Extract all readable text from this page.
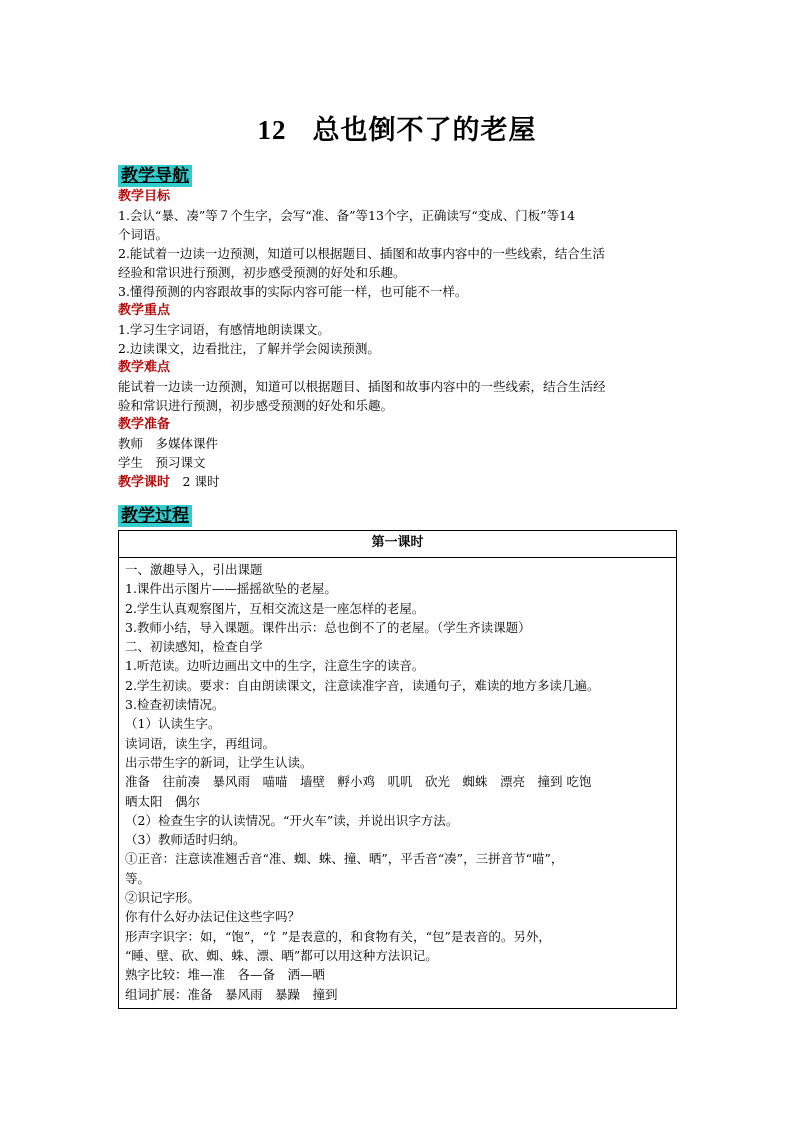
12 总也倒不了的老屋
教学导航
教学目标
1.会认“暴、凑”等７个生字，会写“准、备”等13个字，正确读写“变成、门板”等14
个词语。
2.能试着一边读一边预测，知道可以根据题目、插图和故事内容中的一些线索，结合生活
经验和常识进行预测，初步感受预测的好处和乐趣。
3.懂得预测的内容跟故事的实际内容可能一样，也可能不一样。
教学重点
1.学习生字词语，有感情地朗读课文。
2.边读课文，边看批注，了解并学会阅读预测。
教学难点
能试着一边读一边预测，知道可以根据题目、插图和故事内容中的一些线索，结合生活经
验和常识进行预测，初步感受预测的好处和乐趣。
教学准备
教师　多媒体课件
学生　预习课文
教学课时　 2 课时
教学过程
第一课时

一、激趣导入，引出课题
1.课件出示图片——摇摇欲坠的老屋。
2.学生认真观察图片，互相交流这是一座怎样的老屋。
3.教师小结，导入课题。课件出示：总也倒不了的老屋。（学生齐读课题）
二、初读感知，检查自学
1.听范读。边听边画出文中的生字，注意生字的读音。
2.学生初读。要求：自由朗读课文，注意读准字音，读通句子，难读的地方多读几遍。
3.检查初读情况。
（1）认读生字。
读词语，读生字，再组词。
出示带生字的新词，让学生认读。
准备　往前凑　暴风雨　喵喵　墙壁　孵小鸡　叽叽　砍光　蜘蛛　漂亮　撞到 吃饱
晒太阳　偶尔
（2）检查生字的认读情况。“开火车”读，并说出识字方法。
（3）教师适时归纳。
①正音：注意读准翘舌音“准、蜘、蛛、撞、晒”，平舌音“凑”，三拼音节“喵”，
等。
②识记字形。
你有什么好办法记住这些字吗？
形声字识字：如，“饱”，“饣”是表意的，和食物有关，“包”是表音的。另外，
“睡、壁、砍、蜘、蛛、漂、晒”都可以用这种方法识记。
熟字比较：堆—准　各—备　洒—晒
组词扩展：准备　暴风雨　暴躁　撞到
